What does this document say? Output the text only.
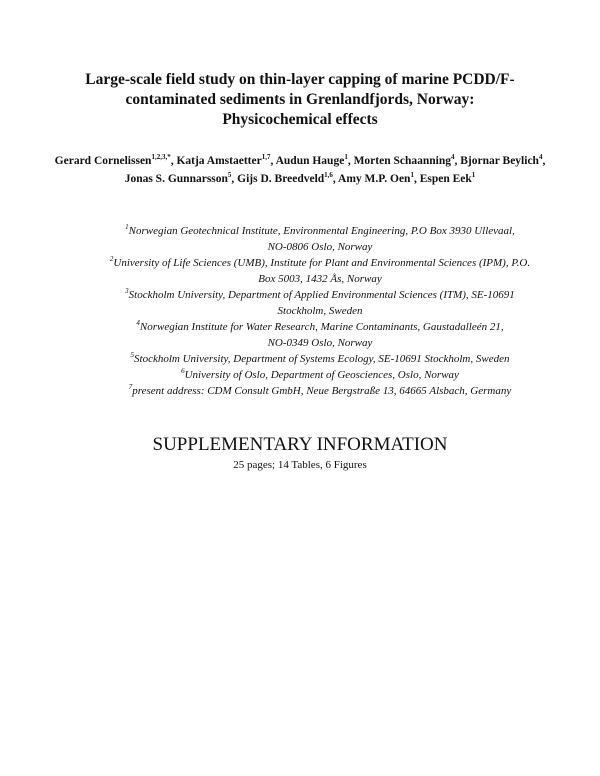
Large-scale field study on thin-layer capping of marine PCDD/F-
contaminated sediments in Grenlandfjords, Norway:
Physicochemical effects
Gerard Cornelissen$^{1,2,3,*}$, Katja Amstaetter$^{1,7}$, Audun Hauge$^1$, Morten Schaanning$^4$, Bjornar Beylich$^4$, Jonas S. Gunnarsson$^5$, Gijs D. Breedveld$^{1,6}$, Amy M.P. Oen$^1$, Espen Eek$^1$
$^1$Norwegian Geotechnical Institute, Environmental Engineering, P.O Box 3930 Ullevaal,
NO-0806 Oslo, Norway
$^2$University of Life Sciences (UMB), Institute for Plant and Environmental Sciences (IPM), P.O.
Box 5003, 1432 Ås, Norway
$^3$Stockholm University, Department of Applied Environmental Sciences (ITM), SE-10691
Stockholm, Sweden
$^4$Norwegian Institute for Water Research, Marine Contaminants, Gaustadalleén 21,
NO-0349 Oslo, Norway
$^5$Stockholm University, Department of Systems Ecology, SE-10691 Stockholm, Sweden
$^6$University of Oslo, Department of Geosciences, Oslo, Norway
$^7$present address: CDM Consult GmbH, Neue Bergstraße 13, 64665 Alsbach, Germany
SUPPLEMENTARY INFORMATION
25 pages; 14 Tables, 6 Figures
